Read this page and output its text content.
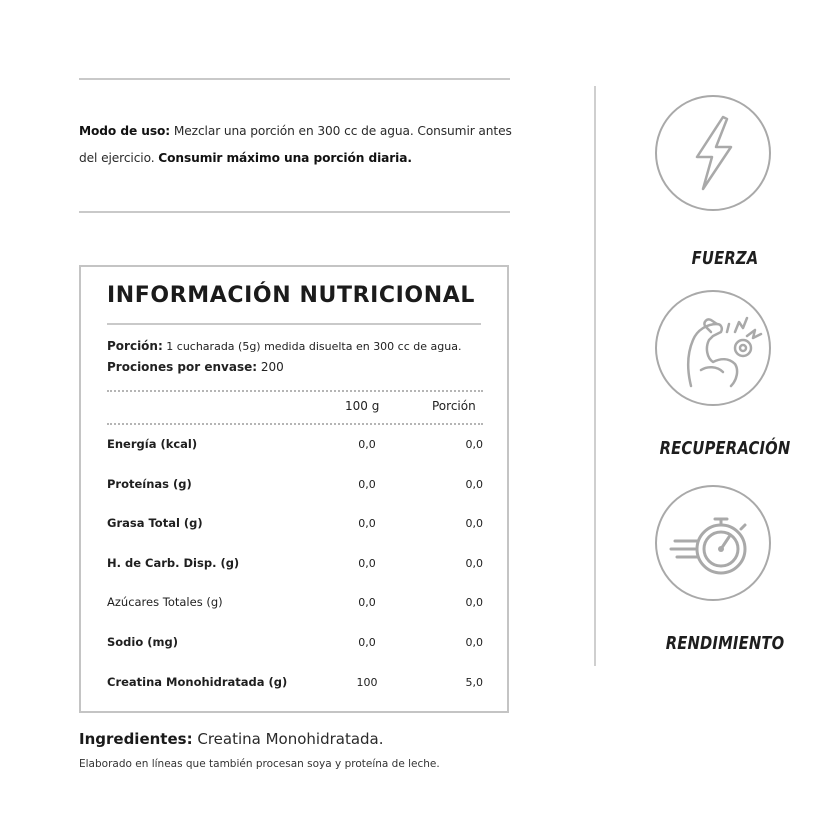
Modo de uso: Mezclar una porción en 300 cc de agua. Consumir antes del ejercicio. Consumir máximo una porción diaria.
INFORMACIÓN NUTRICIONAL
Porción: 1 cucharada (5g) medida disuelta en 300 cc de agua.
Prociones por envase: 200
100 g	Porción
Energía (kcal)	0,0	0,0
Proteínas (g)	0,0	0,0
Grasa Total (g)	0,0	0,0
H. de Carb. Disp. (g)	0,0	0,0
Azúcares Totales (g)	0,0	0,0
Sodio (mg)	0,0	0,0
Creatina Monohidratada (g)	100	5,0
Ingredientes: Creatina Monohidratada.
Elaborado en líneas que también procesan soya y proteína de leche.
FUERZA
RECUPERACIÓN
RENDIMIENTO
